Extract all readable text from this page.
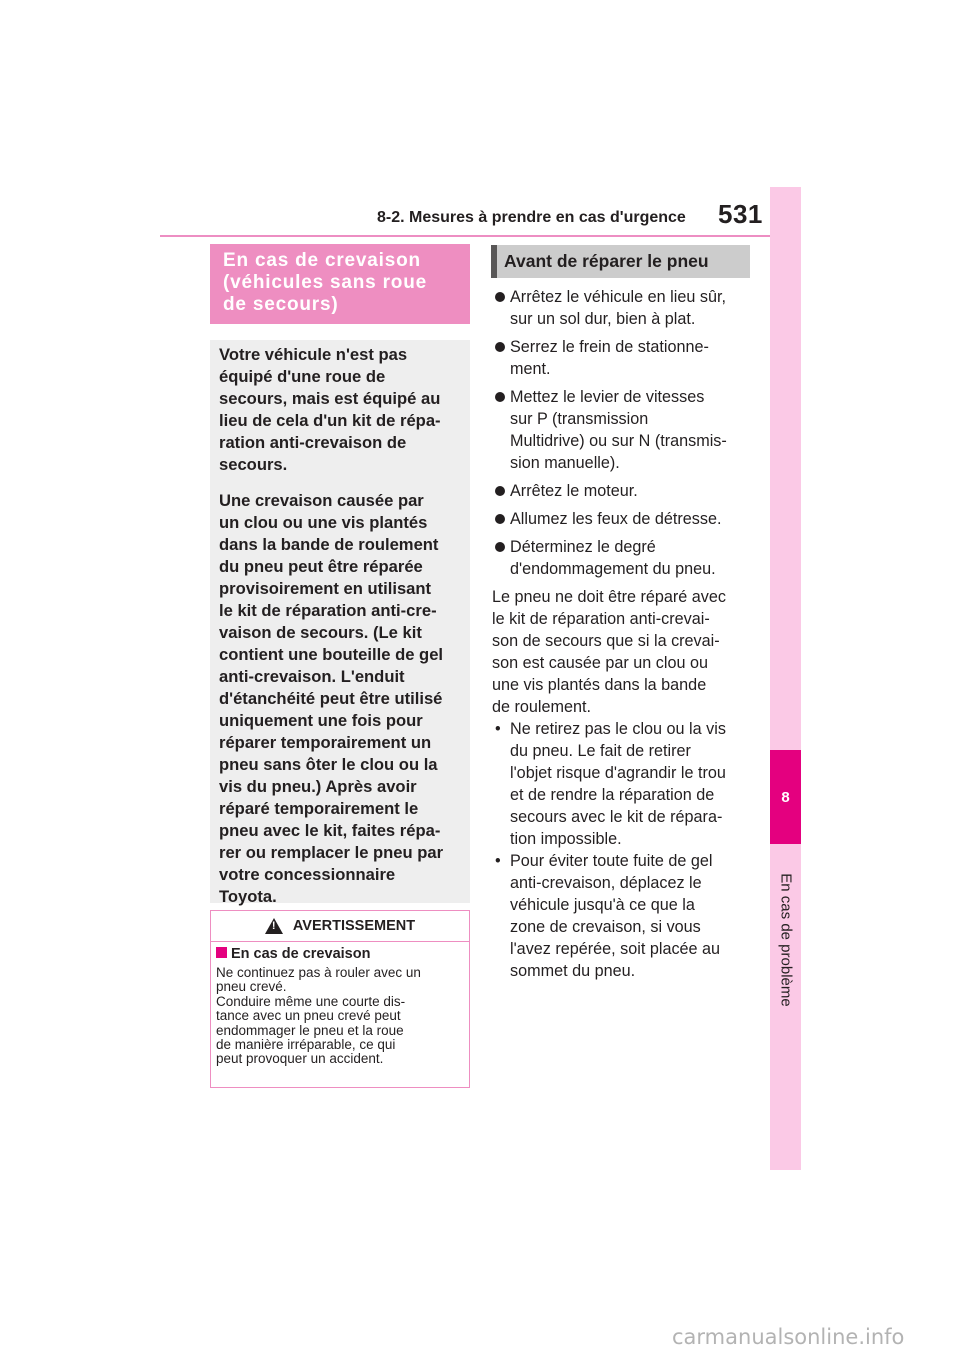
8-2. Mesures à prendre en cas d'urgence 531
8
En cas de problème
En cas de crevaison
(véhicules sans roue
de secours)

Votre véhicule n'est pas
équipé d'une roue de
secours, mais est équipé au
lieu de cela d'un kit de répa-
ration anti-crevaison de
secours.

Une crevaison causée par
un clou ou une vis plantés
dans la bande de roulement
du pneu peut être réparée
provisoirement en utilisant
le kit de réparation anti-cre-
vaison de secours. (Le kit
contient une bouteille de gel
anti-crevaison. L'enduit
d'étanchéité peut être utilisé
uniquement une fois pour
réparer temporairement un
pneu sans ôter le clou ou la
vis du pneu.) Après avoir
réparé temporairement le
pneu avec le kit, faites répa-
rer ou remplacer le pneu par
votre concessionnaire
Toyota.

!
AVERTISSEMENT
En cas de crevaison
Ne continuez pas à rouler avec un
pneu crevé.
Conduire même une courte dis-
tance avec un pneu crevé peut
endommager le pneu et la roue
de manière irréparable, ce qui
peut provoquer un accident.
Avant de réparer le pneu
Arrêtez le véhicule en lieu sûr,
sur un sol dur, bien à plat.
Serrez le frein de stationne-
ment.
Mettez le levier de vitesses
sur P (transmission
Multidrive) ou sur N (transmis-
sion manuelle).
Arrêtez le moteur.
Allumez les feux de détresse.
Déterminez le degré
d'endommagement du pneu.
Le pneu ne doit être réparé avec
le kit de réparation anti-crevai-
son de secours que si la crevai-
son est causée par un clou ou
une vis plantés dans la bande
de roulement.
• Ne retirez pas le clou ou la vis
du pneu. Le fait de retirer
l'objet risque d'agrandir le trou
et de rendre la réparation de
secours avec le kit de répara-
tion impossible.
• Pour éviter toute fuite de gel
anti-crevaison, déplacez le
véhicule jusqu'à ce que la
zone de crevaison, si vous
l'avez repérée, soit placée au
sommet du pneu.
carmanualsonline.info
